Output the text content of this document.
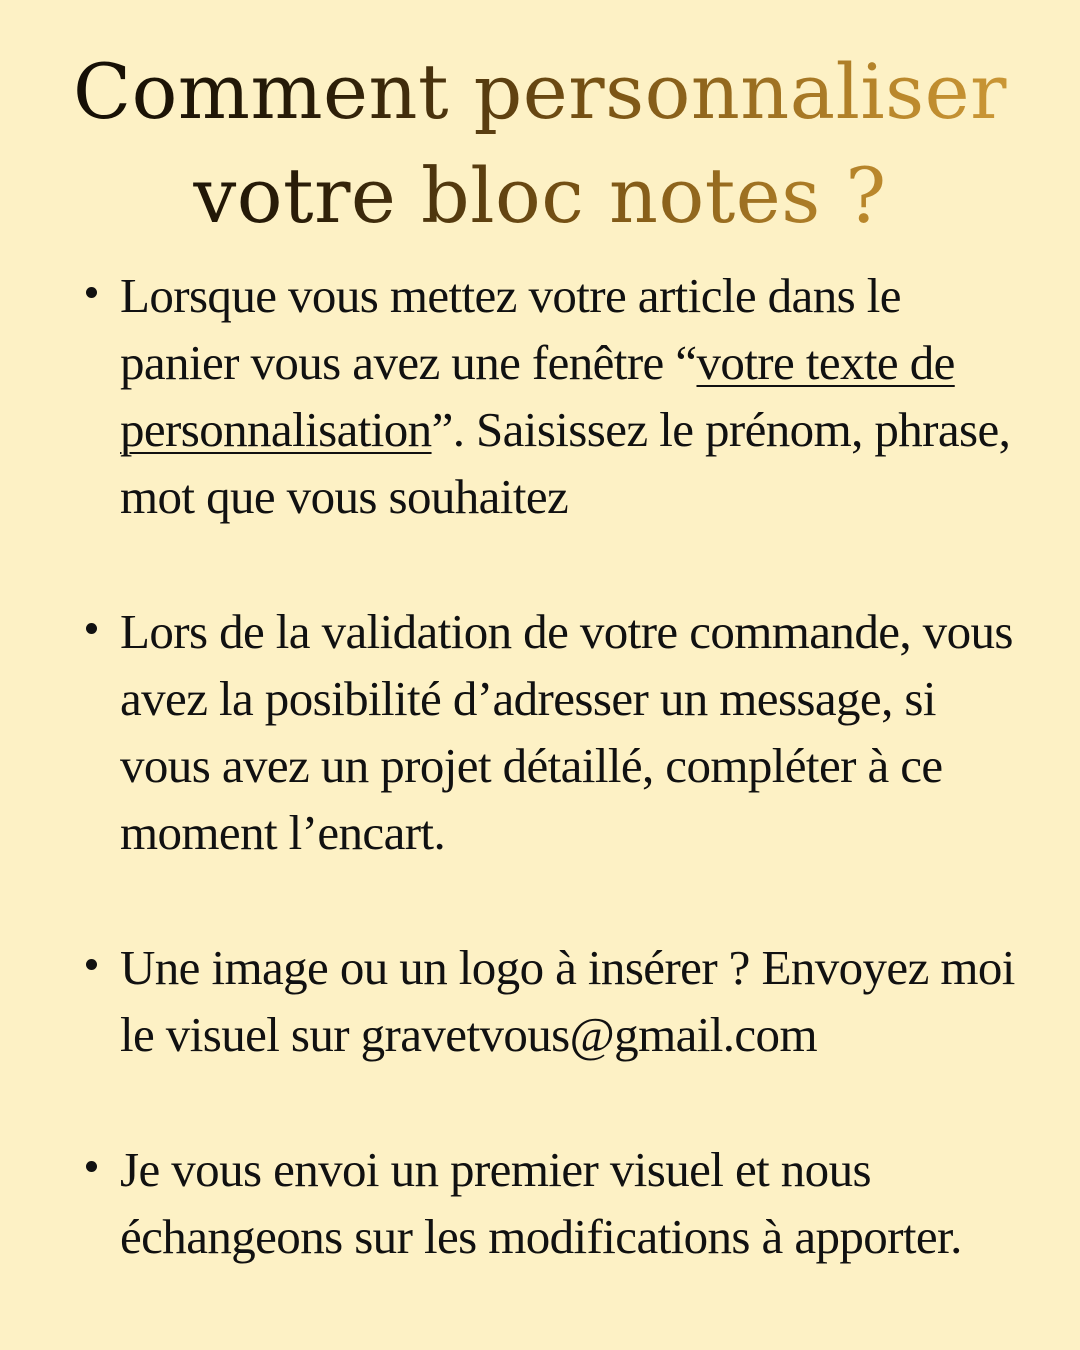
Comment personnaliser
votre bloc notes ?
Lorsque vous mettez votre article dans le panier vous avez une fenêtre “votre texte de personnalisation”. Saisissez le prénom, phrase, mot que vous souhaitez
Lors de la validation de votre commande, vous avez la posibilité d’adresser un message, si vous avez un projet détaillé, compléter à ce moment l’encart.
Une image ou un logo à insérer ? Envoyez moi le visuel sur gravetvous@gmail.com
Je vous envoi un premier visuel et nous échangeons sur les modifications à apporter.
